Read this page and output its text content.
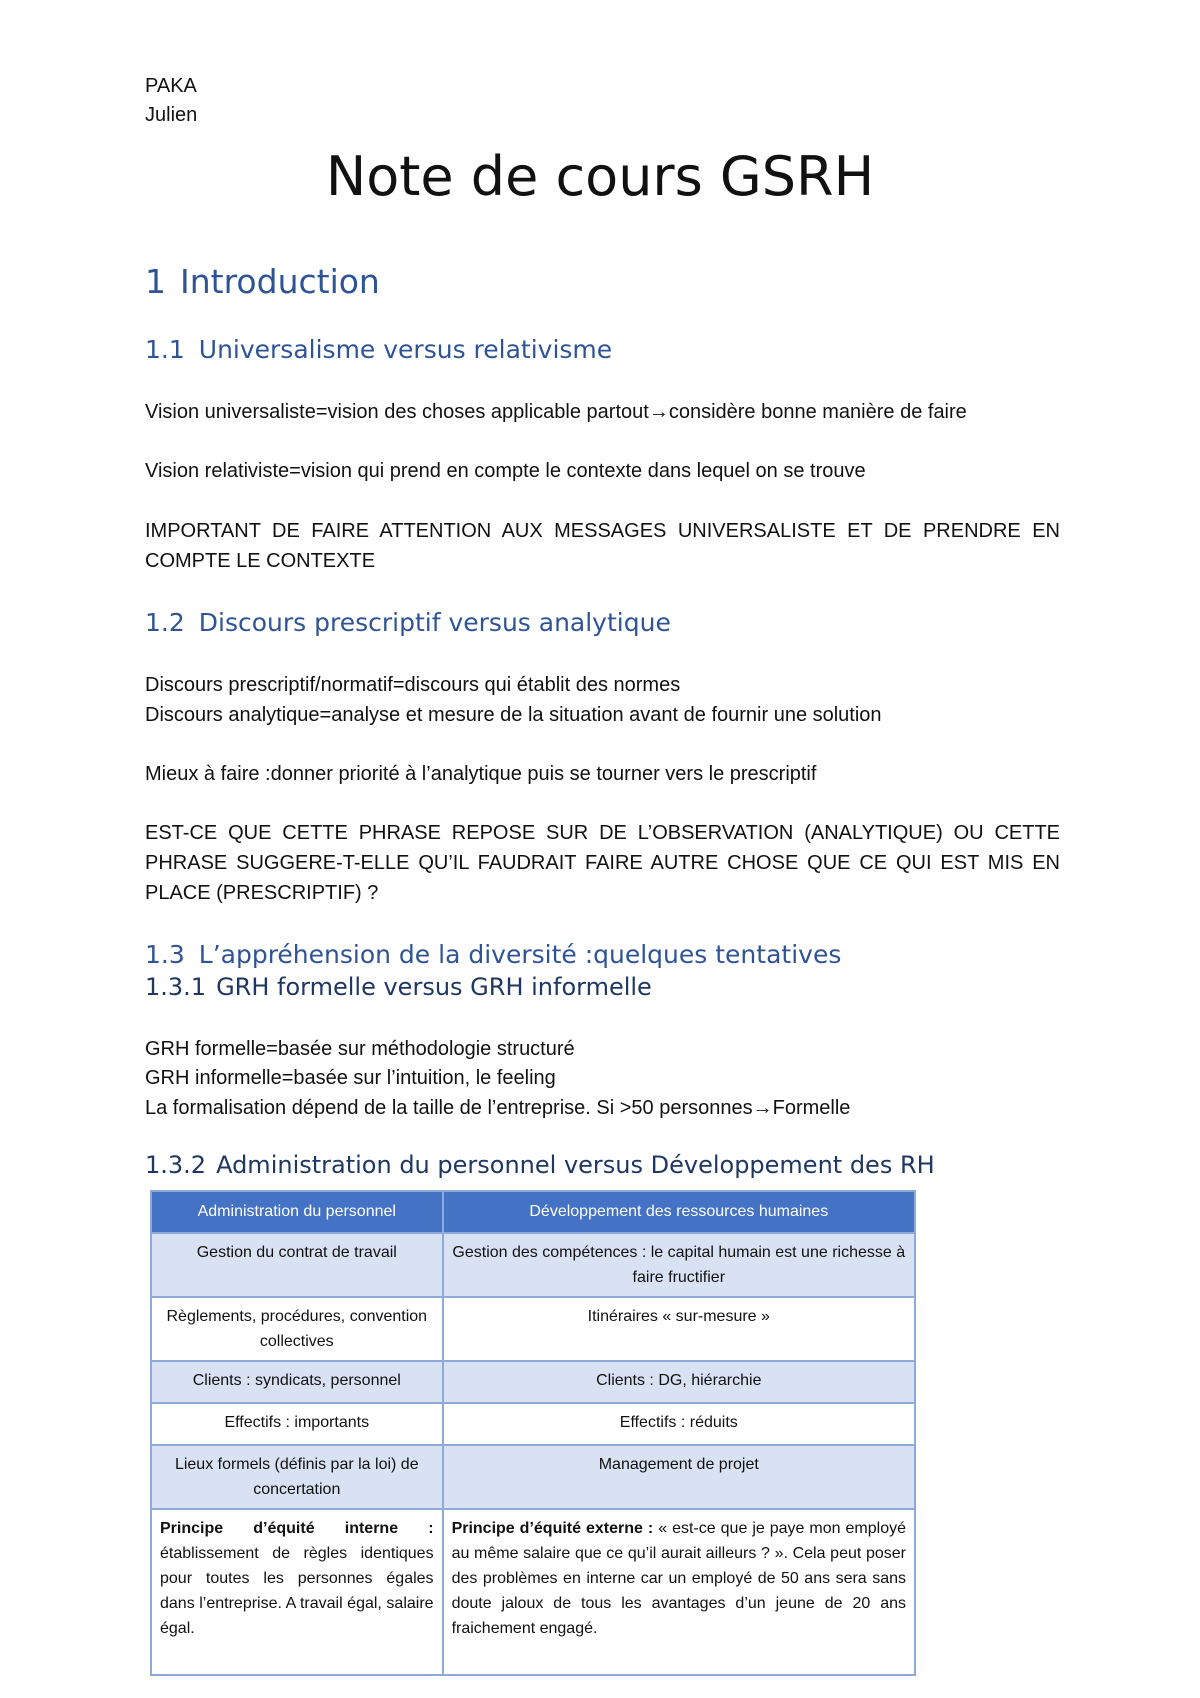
PAKA
Julien
Note de cours GSRH
1 Introduction
1.1 Universalisme versus relativisme
Vision universaliste=vision des choses applicable partout→considère bonne manière de faire
Vision relativiste=vision qui prend en compte le contexte dans lequel on se trouve
IMPORTANT DE FAIRE ATTENTION AUX MESSAGES UNIVERSALISTE ET DE PRENDRE EN COMPTE LE CONTEXTE
1.2 Discours prescriptif versus analytique
Discours prescriptif/normatif=discours qui établit des normes
Discours analytique=analyse et mesure de la situation avant de fournir une solution
Mieux à faire :donner priorité à l’analytique puis se tourner vers le prescriptif
EST-CE QUE CETTE PHRASE REPOSE SUR DE L’OBSERVATION (ANALYTIQUE) OU CETTE PHRASE SUGGERE-T-ELLE QU’IL FAUDRAIT FAIRE AUTRE CHOSE QUE CE QUI EST MIS EN PLACE (PRESCRIPTIF) ?
1.3 L’appréhension de la diversité :quelques tentatives
1.3.1 GRH formelle versus GRH informelle
GRH formelle=basée sur méthodologie structuré
GRH informelle=basée sur l’intuition, le feeling
La formalisation dépend de la taille de l’entreprise. Si >50 personnes→Formelle
1.3.2 Administration du personnel versus Développement des RH
Administration du personnel	Développement des ressources humaines
Gestion du contrat de travail	Gestion des compétences : le capital humain est une richesse à faire fructifier
Règlements, procédures, convention collectives	Itinéraires « sur-mesure »
Clients : syndicats, personnel	Clients : DG, hiérarchie
Effectifs : importants	Effectifs : réduits
Lieux formels (définis par la loi) de concertation	Management de projet
Principe d’équité interne : établissement de règles identiques pour toutes les personnes égales dans l’entreprise. A travail égal, salaire égal.	Principe d’équité externe : « est-ce que je paye mon employé au même salaire que ce qu’il aurait ailleurs ? ». Cela peut poser des problèmes en interne car un employé de 50 ans sera sans doute jaloux de tous les avantages d’un jeune de 20 ans fraichement engagé.
